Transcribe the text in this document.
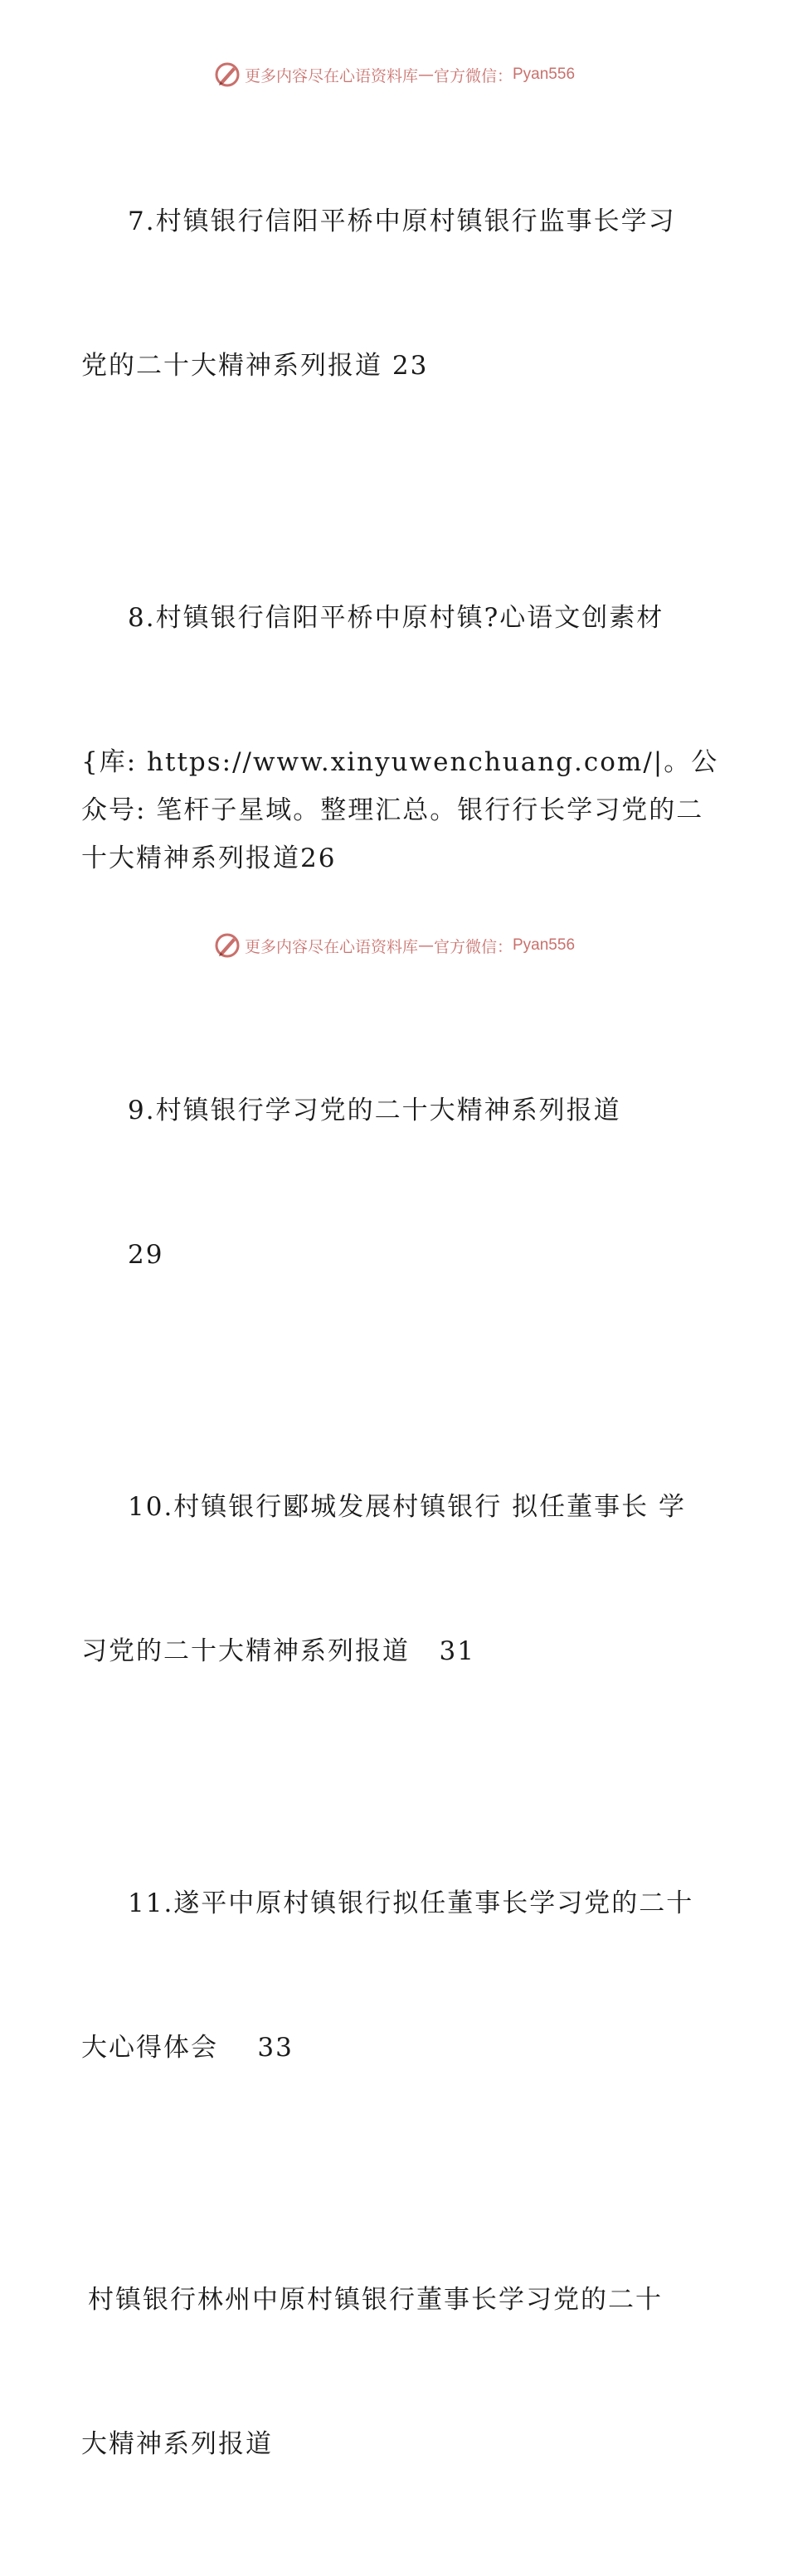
更多内容尽在心语资料库 — 官方微信： Pyan556

7.村镇银行信阳平桥中原村镇银行监事长学习

党的二十大精神系列报道 23

8.村镇银行信阳平桥中原村镇?心语文创素材

{库: https://www.xinyuwenchuang.com/|。公众号: 笔杆子星域。整理汇总。银行行长学习党的二十大精神系列报道26

9.村镇银行学习党的二十大精神系列报道

29

10.村镇银行郾城发展村镇银行 拟任董事长 学

习党的二十大精神系列报道   31

11.遂平中原村镇银行拟任董事长学习党的二十

大心得体会    33

村镇银行林州中原村镇银行董事长学习党的二十

大精神系列报道

更多内容尽在心语资料库 — 官方微信： Pyan556
